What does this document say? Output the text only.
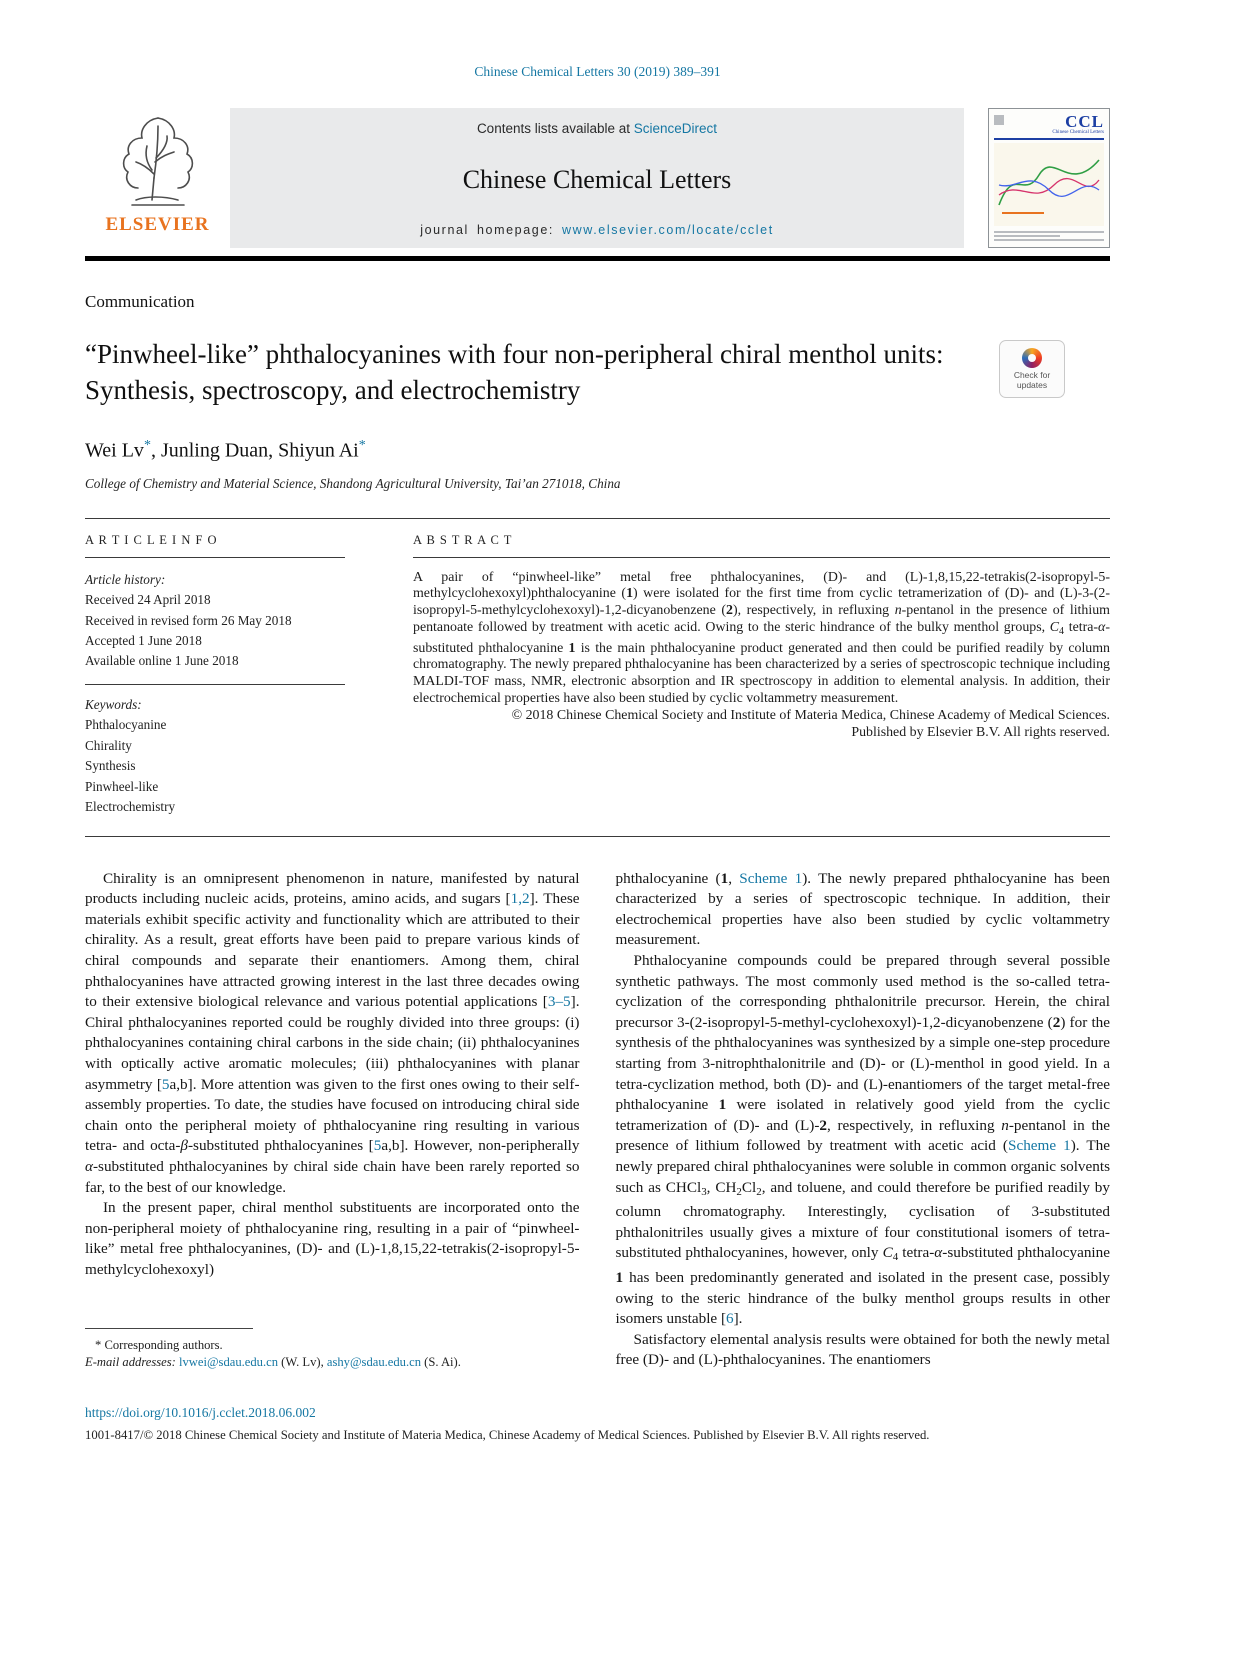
Chinese Chemical Letters 30 (2019) 389–391
ELSEVIER
Contents lists available at ScienceDirect
Chinese Chemical Letters
journal homepage: www.elsevier.com/locate/cclet
CCL
Chinese Chemical Letters
Communication
“Pinwheel-like” phthalocyanines with four non-peripheral chiral menthol units: Synthesis, spectroscopy, and electrochemistry	Check for
updates
Wei Lv*, Junling Duan, Shiyun Ai*
College of Chemistry and Material Science, Shandong Agricultural University, Tai’an 271018, China
A R T I C L E I N F O
Article history:
Received 24 April 2018
Received in revised form 26 May 2018
Accepted 1 June 2018
Available online 1 June 2018
Keywords:
Phthalocyanine
Chirality
Synthesis
Pinwheel-like
Electrochemistry
A B S T R A C T

A pair of “pinwheel-like” metal free phthalocyanines, (D)- and (L)-1,8,15,22-tetrakis(2-isopropyl-5-methylcyclohexoxyl)phthalocyanine (1) were isolated for the first time from cyclic tetramerization of (D)- and (L)-3-(2-isopropyl-5-methylcyclohexoxyl)-1,2-dicyanobenzene (2), respectively, in refluxing n-pentanol in the presence of lithium pentanoate followed by treatment with acetic acid. Owing to the steric hindrance of the bulky menthol groups, $C_4$ tetra-α-substituted phthalocyanine 1 is the main phthalocyanine product generated and then could be purified readily by column chromatography. The newly prepared phthalocyanine has been characterized by a series of spectroscopic technique including MALDI-TOF mass, NMR, electronic absorption and IR spectroscopy in addition to elemental analysis. In addition, their electrochemical properties have also been studied by cyclic voltammetry measurement.

© 2018 Chinese Chemical Society and Institute of Materia Medica, Chinese Academy of Medical Sciences.
Published by Elsevier B.V. All rights reserved.

Chirality is an omnipresent phenomenon in nature, manifested by natural products including nucleic acids, proteins, amino acids, and sugars [1,2]. These materials exhibit specific activity and functionality which are attributed to their chirality. As a result, great efforts have been paid to prepare various kinds of chiral compounds and separate their enantiomers. Among them, chiral phthalocyanines have attracted growing interest in the last three decades owing to their extensive biological relevance and various potential applications [3–5]. Chiral phthalocyanines reported could be roughly divided into three groups: (i) phthalocyanines containing chiral carbons in the side chain; (ii) phthalocyanines with optically active aromatic molecules; (iii) phthalocyanines with planar asymmetry [5a,b]. More attention was given to the first ones owing to their self-assembly properties. To date, the studies have focused on introducing chiral side chain onto the peripheral moiety of phthalocyanine ring resulting in various tetra- and octa-β-substituted phthalocyanines [5a,b]. However, non-peripherally α-substituted phthalocyanines by chiral side chain have been rarely reported so far, to the best of our knowledge.

In the present paper, chiral menthol substituents are incorporated onto the non-peripheral moiety of phthalocyanine ring, resulting in a pair of “pinwheel-like” metal free phthalocyanines, (D)- and (L)-1,8,15,22-tetrakis(2-isopropyl-5-methylcyclohexoxyl)

* Corresponding authors.
E-mail addresses: lvwei@sdau.edu.cn (W. Lv), ashy@sdau.edu.cn (S. Ai).

phthalocyanine (1, Scheme 1). The newly prepared phthalocyanine has been characterized by a series of spectroscopic technique. In addition, their electrochemical properties have also been studied by cyclic voltammetry measurement.

Phthalocyanine compounds could be prepared through several possible synthetic pathways. The most commonly used method is the so-called tetra-cyclization of the corresponding phthalonitrile precursor. Herein, the chiral precursor 3-(2-isopropyl-5-methyl-cyclohexoxyl)-1,2-dicyanobenzene (2) for the synthesis of the phthalocyanines was synthesized by a simple one-step procedure starting from 3-nitrophthalonitrile and (D)- or (L)-menthol in good yield. In a tetra-cyclization method, both (D)- and (L)-enantiomers of the target metal-free phthalocyanine 1 were isolated in relatively good yield from the cyclic tetramerization of (D)- and (L)-2, respectively, in refluxing n-pentanol in the presence of lithium followed by treatment with acetic acid (Scheme 1). The newly prepared chiral phthalocyanines were soluble in common organic solvents such as CHCl$_3$, $CH_2Cl_2$, and toluene, and could therefore be purified readily by column chromatography. Interestingly, cyclisation of 3-substituted phthalonitriles usually gives a mixture of four constitutional isomers of tetra-substituted phthalocyanines, however, only $C_4$ tetra-α-substituted phthalocyanine 1 has been predominantly generated and isolated in the present case, possibly owing to the steric hindrance of the bulky menthol groups results in other isomers unstable [6].

Satisfactory elemental analysis results were obtained for both the newly metal free (D)- and (L)-phthalocyanines. The enantiomers

https://doi.org/10.1016/j.cclet.2018.06.002
1001-8417/© 2018 Chinese Chemical Society and Institute of Materia Medica, Chinese Academy of Medical Sciences. Published by Elsevier B.V. All rights reserved.
